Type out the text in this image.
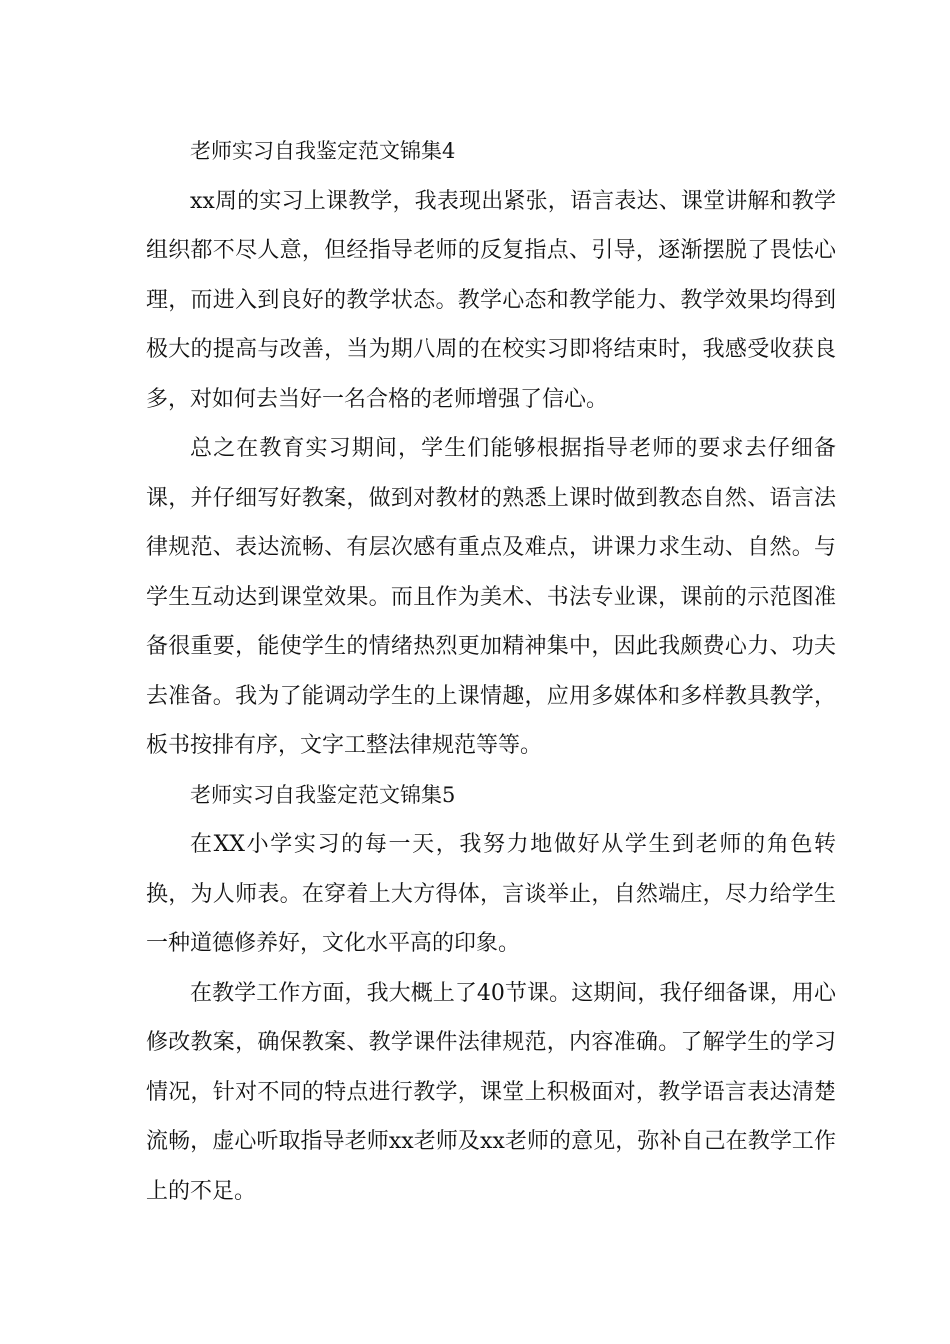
老师实习自我鉴定范文锦集4

xx周的实习上课教学，我表现出紧张，语言表达、课堂讲解和教学组织都不尽人意，但经指导老师的反复指点、引导，逐渐摆脱了畏怯心理，而进入到良好的教学状态。教学心态和教学能力、教学效果均得到极大的提高与改善，当为期八周的在校实习即将结束时，我感受收获良多，对如何去当好一名合格的老师增强了信心。

总之在教育实习期间，学生们能够根据指导老师的要求去仔细备课，并仔细写好教案，做到对教材的熟悉上课时做到教态自然、语言法律规范、表达流畅、有层次感有重点及难点，讲课力求生动、自然。与学生互动达到课堂效果。而且作为美术、书法专业课，课前的示范图准备很重要，能使学生的情绪热烈更加精神集中，因此我颇费心力、功夫去准备。我为了能调动学生的上课情趣，应用多媒体和多样教具教学，板书按排有序，文字工整法律规范等等。

老师实习自我鉴定范文锦集5

在XX小学实习的每一天，我努力地做好从学生到老师的角色转换，为人师表。在穿着上大方得体，言谈举止，自然端庄，尽力给学生一种道德修养好，文化水平高的印象。

在教学工作方面，我大概上了40节课。这期间，我仔细备课，用心修改教案，确保教案、教学课件法律规范，内容准确。了解学生的学习情况，针对不同的特点进行教学，课堂上积极面对，教学语言表达清楚流畅，虚心听取指导老师xx老师及xx老师的意见，弥补自己在教学工作上的不足。
